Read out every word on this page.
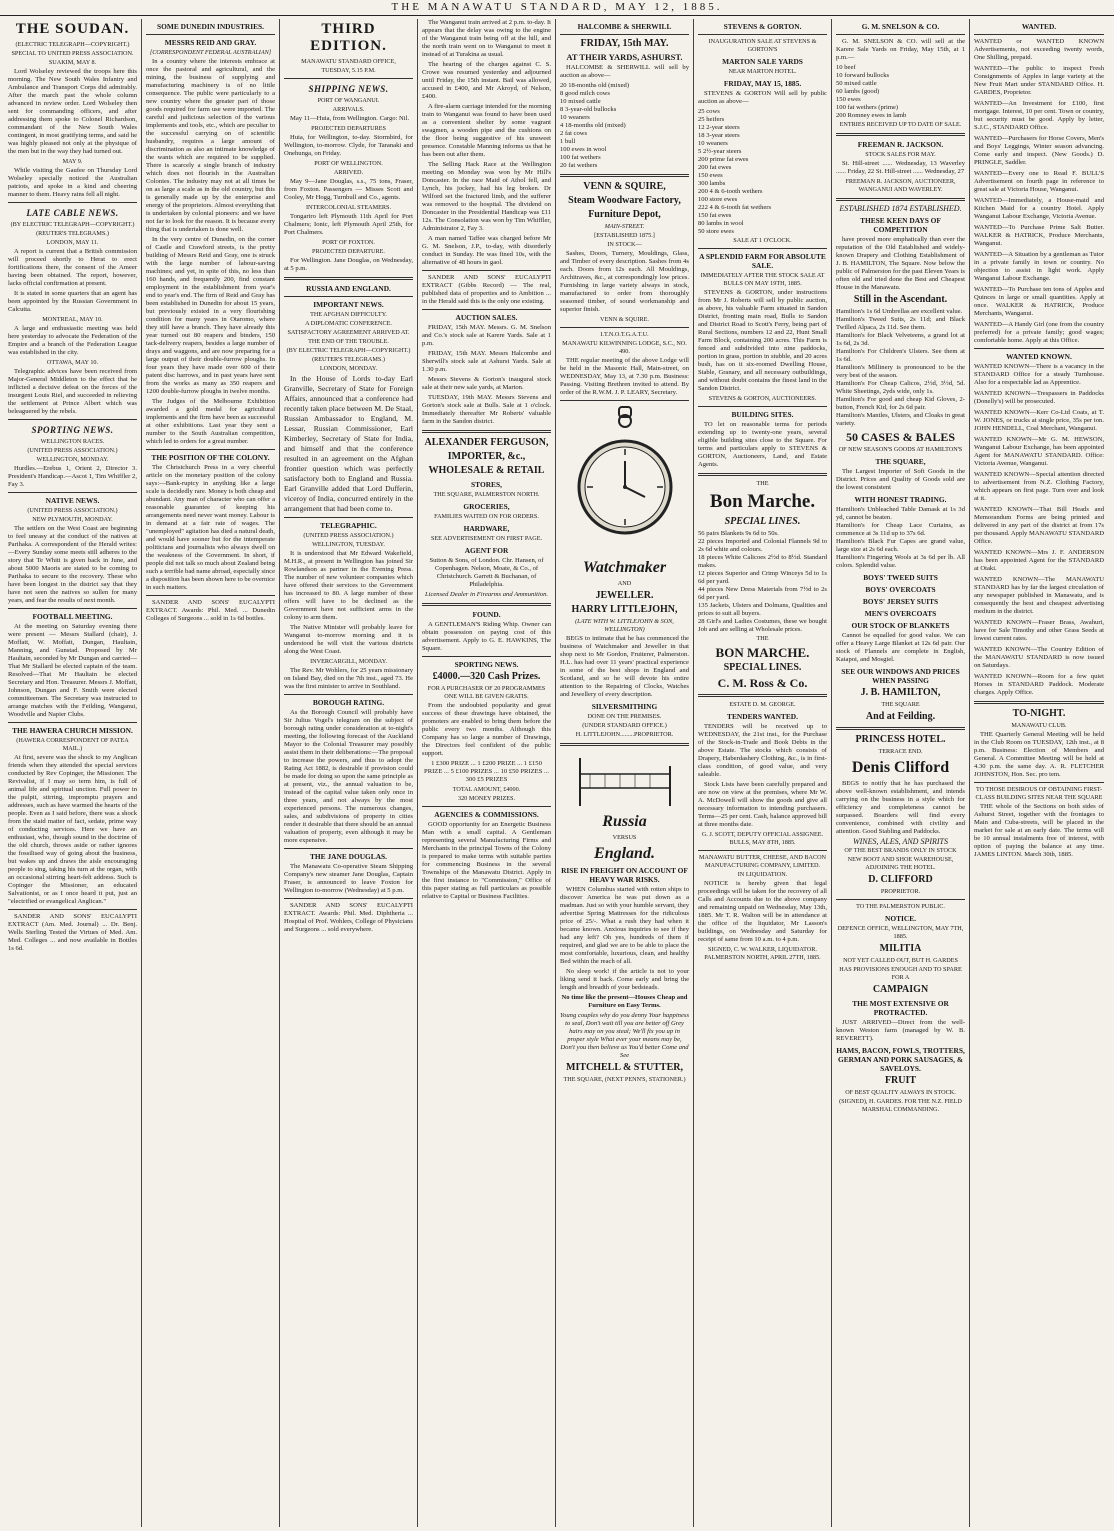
THE MANAWATU STANDARD, MAY 12, 1885.
THE SOUDAN.
(ELECTRIC TELEGRAPH—COPYRIGHT.)
SPECIAL TO UNITED PRESS ASSOCIATION.
SUAKIM, MAY 8.

Lord Wolseley reviewed the troops here this morning. The New South Wales Infantry and Ambulance and Transport Corps did admirably. After the march past the whole column advanced in review order. Lord Wolseley then sent for commanding officers, and after addressing them spoke to Colonel Richardson, commandant of the New South Wales contingent, in most gratifying terms, and said he was highly pleased not only at the physique of the men but in the way they had turned out.

MAY 9.

While visiting the Gaufee on Thursday Lord Wolseley specially noticed the Australian patriots, and spoke in a kind and cheering manner to them. Heavy rains fell all night.

LATE CABLE NEWS.
(BY ELECTRIC TELEGRAPH—COPYRIGHT.)
(REUTER'S TELEGRAMS.)
LONDON, MAY 11.

A report is current that a British commission will proceed shortly to Herat to erect fortifications there, the consent of the Ameer having been obtained. The report, however, lacks official confirmation at present.

It is stated in some quarters that an agent has been appointed by the Russian Government in Calcutta.

MONTREAL, MAY 10.

A large and enthusiastic meeting was held here yesterday to advocate the Federation of the Empire and a branch of the Federation League was established in the city.

OTTAWA, MAY 10.

Telegraphic advices have been received from Major-General Middleton to the effect that he inflicted a decisive defeat on the forces of the insurgent Louis Riel, and succeeded in relieving the settlement at Prince Albert which was beleaguered by the rebels.

SPORTING NEWS.
WELLINGTON RACES.
(UNITED PRESS ASSOCIATION.)
WELLINGTON, MONDAY.

Hurdles.—Erebus 1, Orient 2, Director 3. President's Handicap.—Ascot 1, Tim Whiffler 2, Fay 3.

NATIVE NEWS.
(UNITED PRESS ASSOCIATION.)
NEW PLYMOUTH, MONDAY.

The settlers on the West Coast are beginning to feel uneasy at the conduct of the natives at Parihaka. A correspondent of the Herald writes:—Every Sunday some meets still adheres to the story that Te Whiti is given back in June, and about 5000 Maoris are stated to be coming to Parihaka to secure to the recovery. These who have been longest in the district say that they have not seen the natives so sullen for many years, and fear the results of next month.

FOOTBALL MEETING.

At the meeting on Saturday evening there were present — Messrs Stallard (chair), J. Moffatt, W. Moffatt, Dungan, Haultain, Manning, and Gunstad. Proposed by Mr Haultain, seconded by Mr Dungan and carried—That Mr Stallard be elected captain of the team. Resolved—That Mr Haultain be elected Secretary and Hon. Treasurer. Messrs J. Moffatt, Johnson, Dungan and F. Smith were elected committeemen. The Secretary was instructed to arrange matches with the Feilding, Wanganui, Woodville and Napier Clubs.

THE HAWERA CHURCH MISSION.
(HAWERA CORRESPONDENT OF PATEA MAIL.)

At first, severe was the shock to my Anglican friends when they attended the special services conducted by Rev Copinger, the Missioner. The Revivalist, if I may so term him, is full of animal life and spiritual unction. Full power in the pulpit, stirring, impromptu prayers and addresses, such as have warmed the hearts of the people. Even as I said before, there was a shock from the staid matter of fact, sedate, prime way of conducting services. Here we have an enthusiast, who, though sound in the doctrine of the old church, throws aside or rather ignores the fossilised way of going about the business, but wakes up and draws the aisle encouraging people to sing, taking his turn at the organ, with an occasional stirring heart-felt address. Such is Copinger the Missioner, an educated Salvationist, or as I once heard it put, just an "electrified or evangelical Anglican."

SANDER AND SONS' EUCALYPTI EXTRACT (Am. Med. Journal) ... Dr. Benj. Wells Sterling Tested the Virtues of Med. Am. Med. Colleges ... and now available in Bottles 1s 6d.

SOME DUNEDIN INDUSTRIES.
MESSRS REID AND GRAY.
[CORRESPONDENT FEDERAL AUSTRALIAN]

In a country where the interests embrace at once the pastoral and agricultural, and the mining, the business of supplying and manufacturing machinery is of no little consequence. The public were particularly to a new country where the greater part of those goods required for farm use were imported. The careful and judicious selection of the various implements and tools, etc., which are peculiar to the successful carrying on of scientific husbandry, requires a large amount of discrimination as also an intimate knowledge of the wants which are required to be supplied. There is scarcely a single branch of industry which does not flourish in the Australian Colonies. The industry may not at all times be on as large a scale as in the old country, but this is generally made up by the enterprise and energy of the proprietors. Almost everything that is undertaken by colonial pioneers: and we have not far to look for the reason. It is because every thing that is undertaken is done well.

In the very centre of Dunedin, on the corner of Castle and Crawford streets, is the pretty building of Messrs Reid and Gray, one is struck with the large number of labour-saving machines; and yet, in spite of this, no less than 160 hands, and frequently 200, find constant employment in the establishment from year's end to year's end. The firm of Reid and Gray has been established in Dunedin for about 15 years, but previously existed in a very flourishing condition for many years in Otaromo, where they still have a branch. They have already this year turned out 80 reapers and binders, 150 tack-delivery reapers, besides a large number of drays and waggons, and are now preparing for a large output of their double-furrow ploughs. In four years they have made over 600 of their patent disc harrows, and in past years have sent from the works as many as 350 reapers and 1200 double-furrow ploughs in twelve months.

The Judges of the Melbourne Exhibition awarded a gold medal for agricultural implements and the firm have been as successful at other exhibitions. Last year they sent a number to the South Australian competition, which led to orders for a great number.

THE POSITION OF THE COLONY.

The Christchurch Press in a very cheerful article on the monetary position of the colony says:—Bank-ruptcy in anything like a large scale is decidedly rare. Money is both cheap and abundant. Any man of character who can offer a reasonable guarantee of keeping his arrangements need never want money. Labour is in demand at a fair rate of wages. The "unemployed" agitation has died a natural death, and would have sooner but for the intemperate politicians and journalists who always dwell on the weakness of the Government. In short, if people did not talk so much about Zealand being such a terrible bad name abroad, especially since a disposition has been shown here to be overnice in such matters.

SANDER AND SONS' EUCALYPTI EXTRACT. Awards: Phil. Med. ... Dunedin Colleges of Surgeons ... sold in 1s 6d bottles.

THIRD EDITION.
MANAWATU STANDARD OFFICE,
TUESDAY, 5.15 P.M.
SHIPPING NEWS.
PORT OF WANGANUI.
ARRIVALS.

May 11—Huia, from Wellington. Cargo: Nil.

PROJECTED DEPARTURES

Huia, for Wellington, to-day. Stormbird, for Wellington, to-morrow. Clyde, for Taranaki and Onehunga, on Friday.

PORT OF WELLINGTON.
ARRIVED.

May 9—Jane Douglas, s.s., 75 tons, Fraser, from Foxton. Passengers — Misses Scott and Cooley, Mr Hogg, Turnbull and Co., agents.

INTERCOLONIAL STEAMERS.

Tongariro left Plymouth 11th April for Port Chalmers; Ionic, left Plymouth April 25th, for Port Chalmers.

PORT OF FOXTON.
PROJECTED DEPARTURE.

For Wellington. Jane Douglas, on Wednesday, at 5 p.m.

RUSSIA AND ENGLAND.
IMPORTANT NEWS.
THE AFGHAN DIFFICULTY.
A DIPLOMATIC CONFERENCE.
SATISFACTORY AGREEMENT ARRIVED AT.
THE END OF THE TROUBLE.
(BY ELECTRIC TELEGRAPH—COPYRIGHT.)
(REUTER'S TELEGRAMS.)
LONDON, MONDAY.

In the House of Lords to-day Earl Granville, Secretary of State for Foreign Affairs, announced that a conference had recently taken place between M. De Staal, Russian Ambassador to England, M. Lessar, Russian Commissioner, Earl Kimberley, Secretary of State for India, and himself and that the conference resulted in an agreement on the Afghan frontier question which was perfectly satisfactory both to England and Russia. Earl Granville added that Lord Dufferin, viceroy of India, concurred entirely in the arrangement that had been come to.

TELEGRAPHIC.
(UNITED PRESS ASSOCIATION.)
WELLINGTON, TUESDAY.

It is understood that Mr Edward Wakefield, M.H.R., at present in Wellington has joined Sir Rowlandson as partner in the Evening Press. The number of new volunteer companies which have offered their services to the Government has increased to 80. A large number of these offers will have to be declined as the Government have not sufficient arms in the colony to arm them.

The Native Minister will probably leave for Wanganui to-morrow morning and it is understood he will visit the various districts along the West Coast.

INVERCARGILL, MONDAY.

The Rev. Mr Wohlers, for 25 years missionary on Island Bay, died on the 7th inst., aged 73. He was the first minister to arrive in Southland.

BOROUGH RATING.

As the Borough Council will probably have Sir Julius Vogel's telegram on the subject of borough rating under consideration at to-night's meeting, the following forecast of the Auckland Mayor to the Colonial Treasurer may possibly assist them in their deliberations:—The proposal to increase the powers, and thus to adopt the Rating Act 1882, is desirable if provision could be made for doing so upon the same principle as at present, viz., the annual valuation to be, instead of the capital value taken only once in three years, and not always by the most experienced persons. The numerous changes, sales, and subdivisions of property in cities render it desirable that there should be an annual valuation of property, even although it may be more expensive.

THE JANE DOUGLAS.

The Manawatu Co-operative Steam Shipping Company's new steamer Jane Douglas, Captain Fraser, is announced to leave Foxton for Wellington to-morrow (Wednesday) at 5 p.m.

SANDER AND SONS' EUCALYPTI EXTRACT. Awards: Phil. Med. Diphtheria ... Hospital of Prof. Wohlers, College of Physicians and Surgeons ... sold everywhere.

The Wanganui train arrived at 2 p.m. to-day. It appears that the delay was owing to the engine of the Wanganui train being off at the hill, and the north train went on to Wanganui to meet it instead of at Turakina as usual.

The hearing of the charges against C. S. Crowe was resumed yesterday and adjourned until Friday, the 15th instant. Bail was allowed, accused in £400, and Mr Akroyd, of Nelson, £400.

A fire-alarm carriage intended for the morning train to Wanganui was found to have been used as a convenient shelter by some vagrant swagmen, a wooden pipe and the cushions on the floor being suggestive of his unsweet presence. Constable Manning informs us that he has been out after them.

The Selling Hack Race at the Wellington meeting on Monday was won by Mr Hill's Doncaster. In the race Maid of Athol fell, and Lynch, his jockey, had his leg broken. Dr Wilford set the fractured limb, and the sufferer was removed to the hospital. The dividend on Doncaster in the Presidential Handicap was £11 12s. The Consolation was won by Tim Whiffler, Administrator 2, Fay 3.

A man named Taffee was charged before Mr G. M. Snelson, J.P., to-day, with disorderly conduct in Sunday. He was fined 10s, with the alternative of 48 hours in gaol.

SANDER AND SONS' EUCALYPTI EXTRACT (Gibbs Record) — The real, published data of properties and to Ambition ... in the Herald said this is the only one existing.

AUCTION SALES.

FRIDAY, 15th MAY. Messrs. G. M. Snelson and Co.'s stock sale at Karere Yards. Sale at 1 p.m.

FRIDAY, 15th MAY. Messrs Halcombe and Sherwill's stock sale at Ashurst Yards. Sale at 1.30 p.m.

Messrs Stevens & Gorton's inaugural stock sale at their new sale yards, at Marton.

TUESDAY, 19th MAY. Messrs Stevens and Gorton's stock sale at Bulls. Sale at 1 o'clock. Immediately thereafter Mr Roberts' valuable farm in the Sandon district.

ALEXANDER FERGUSON,
IMPORTER, &c.,
WHOLESALE & RETAIL
STORES,
THE SQUARE, PALMERSTON NORTH.
GROCERIES,
FAMILIES WAITED ON FOR ORDERS.
HARDWARE,
SEE ADVERTISEMENT ON FIRST PAGE.
AGENT FOR

Sutton & Sons, of London. Chr. Hansen, of Copenhagen. Nelson, Moate, & Co., of Christchurch. Garrett & Buchanan, of Philadelphia.

Licensed Dealer in Firearms and Ammunition.

FOUND.

A GENTLEMAN'S Riding Whip. Owner can obtain possession on paying cost of this advertisement. Apply to G. E. HAWKINS, The Square.

SPORTING NEWS.
£4000.—320 Cash Prizes.
FOR A PURCHASER OF 20 PROGRAMMES ONE WILL BE GIVEN GRATIS.

From the undoubted popularity and great success of these drawings have obtained, the promoters are enabled to bring them before the public every two months. Although this Company has so large a number of Drawings, the Directors feel confident of the public support.

1 £300 PRIZE ... 1 £200 PRIZE ... 1 £150 PRIZE ... 5 £100 PRIZES ... 10 £50 PRIZES ... 300 £5 PRIZES

TOTAL AMOUNT, £4000.
320 MONEY PRIZES.
AGENCIES & COMMISSIONS.

GOOD opportunity for an Energetic Business Man with a small capital. A Gentleman representing several Manufacturing Firms and Merchants in the principal Towns of the Colony is prepared to make terms with suitable parties for commencing Business in the several Townships of the Manawatu District. Apply in the first instance to "Commission," Office of this paper stating as full particulars as possible relative to Capital or Business Facilities.

HALCOMBE & SHERWILL
FRIDAY, 15th MAY.
AT THEIR YARDS, ASHURST.

HALCOMBE & SHERWILL will sell by auction as above—

20 18-months old (mixed)
8 good milch cows
10 mixed cattle
8 3-year-old bullocks
10 weaners
4 18-months old (mixed)
2 fat cows
1 bull
100 ewes in wool
100 fat wethers
20 fat wethers
VENN & SQUIRE,
Steam Woodware Factory,
Furniture Depot,
MAIN-STREET.
[ESTABLISHED 1875.]
IN STOCK—

Sashes, Doors, Turnery, Mouldings, Glass, and Timber of every description. Sashes from 4s each. Doors from 12s each. All Mouldings, Architraves, &c., at correspondingly low prices. Furnishing in large variety always in stock, manufactured to order from thoroughly seasoned timber, of sound workmanship and superior finish.

VENN & SQUIRE.
I.T.N.O.T.G.A.T.U.
MANAWATU KILWINNING LODGE, S.C., NO. 490.

THE regular meeting of the above Lodge will be held in the Masonic Hall, Main-street, on WEDNESDAY, May 13, at 7.30 p.m. Business: Passing. Visiting Brethren invited to attend. By order of the R.W.M. J. P. LEARY, Secretary.

Watchmaker
AND
JEWELLER.
HARRY LITTLEJOHN,
(LATE WITH W. LITTLEJOHN & SON, WELLINGTON)

BEGS to intimate that he has commenced the business of Watchmaker and Jeweller in that shop next to Mr Gordon, Fruiterer, Palmerston. H.L. has had over 11 years' practical experience in some of the best shops in England and Scotland, and so he will devote his entire attention to the Repairing of Clocks, Watches and Jewellery of every description.

SILVERSMITHING
DONE ON THE PREMISES.
(UNDER STANDARD OFFICE.)
H. LITTLEJOHN.........PROPRIETOR.
Russia
VERSUS
England.
RISE IN FREIGHT ON ACCOUNT OF HEAVY WAR RISKS.

WHEN Columbus started with rotten ships to discover America he was put down as a madman. Just so with your humble servant, they advertise Spring Mattresses for the ridiculous price of 25/-. What a rush they had when it became known. Anxious inquiries to see if they had any left? Oh yes, hundreds of them if required, and glad we are to be able to place the most comfortable, luxurious, clean, and healthy Bed within the reach of all.

No sleep work! if the article is not to your liking send it back. Come early and bring the length and breadth of your bedsteads.

No time like the present—Houses Cheap and Furniture on Easy Terms.

Young couples why do you denny Your happiness to seal, Don't wait till you are better off Grey hairs may on you steal; We'll fix you up in proper style What ever your means may be, Don't you then believe us You'd better Come and See

MITCHELL & STUTTER,
THE SQUARE, (NEXT PENN'S, STATIONER.)
STEVENS & GORTON.
INAUGURATION SALE AT STEVENS & GORTON'S
MARTON SALE YARDS
NEAR MARTON HOTEL.
FRIDAY, MAY 15, 1885.

STEVENS & GORTON Will sell by public auction as above—

25 cows
25 heifers
12 2-year steers
18 3-year steers
10 weaners
5 2½-year steers
200 prime fat ewes
200 fat ewes
150 ewes
300 lambs
200 4 & 6-tooth wethers
100 store ewes
222 4 & 6-tooth fat wethers
150 fat ewes
80 lambs in wool
50 store ewes
SALE AT 1 O'CLOCK.
A SPLENDID FARM FOR ABSOLUTE SALE.
IMMEDIATELY AFTER THE STOCK SALE AT BULLS ON MAY 19TH, 1885.

STEVENS & GORTON, under instructions from Mr J. Roberts will sell by public auction, as above, his valuable Farm situated in Sandon District, fronting main road, Bulls to Sandon and District Road to Scott's Ferry, being part of Rural Sections, numbers 12 and 22, Hunt Small Farm Block, containing 200 acres. This Farm is fenced and subdivided into nine paddocks, portion in grass, portion in stubble, and 20 acres bush, has on it six-roomed Dwelling House, Stable, Granary, and all necessary outbuildings, and without doubt contains the finest land in the Sandon District.

STEVENS & GORTON, AUCTIONEERS.
BUILDING SITES.

TO let on reasonable terms for periods extending up to twenty-one years, several eligible building sites close to the Square. For terms and particulars apply to STEVENS & GORTON, Auctioneers, Land, and Estate Agents.

THE
Bon Marche.
SPECIAL LINES.
56 pairs Blankets 9s 6d to 50s.
22 pieces Imported and Colonial Flannels 9d to 2s 6d white and colours.
18 pieces White Calicoes 2½d to 8½d. Standard makes.
12 pieces Superior and Crimp Winceys 5d to 1s 6d per yard.
44 pieces New Dress Materials from 7½d to 2s 6d per yard.
135 Jackets, Ulsters and Dolmans, Qualities and prices to suit all buyers.
28 Girl's and Ladies Costumes, these we bought Job and are selling at Wholesale prices.
THE
BON MARCHE.
SPECIAL LINES.
C. M. Ross & Co.
ESTATE D. M. GEORGE.
TENDERS WANTED.

TENDERS will be received up to WEDNESDAY, the 21st inst., for the Purchase of the Stock-in-Trade and Book Debts in the above Estate. The stocks which consists of Drapery, Haberdashery Clothing, &c., is in first-class condition, of good value, and very saleable.

Stock Lists have been carefully prepared and are now on view at the premises, where Mr W. A. McDowell will show the goods and give all necessary information to intending purchasers. Terms—25 per cent. Cash, balance approved bill at three months date.

G. J. SCOTT, DEPUTY OFFICIAL ASSIGNEE. BULLS, MAY 8TH, 1885.
MANAWATU BUTTER, CHEESE, AND BACON MANUFACTURING COMPANY, LIMITED.
IN LIQUIDATION.

NOTICE is hereby given that legal proceedings will be taken for the recovery of all Calls and Accounts due to the above company and remaining unpaid on Wednesday, May 13th, 1885. Mr T. R. Walton will be in attendance at the office of the liquidator, Mr Lasson's buildings, on Wednesday and Saturday for receipt of same from 10 a.m. to 4 p.m.

SIGNED, C. W. WALKER, LIQUIDATOR. PALMERSTON NORTH, APRIL 27TH, 1885.
G. M. SNELSON & CO.

G. M. SNELSON & CO. will sell at the Karere Sale Yards on Friday, May 15th, at 1 p.m.—

10 beef
10 forward bullocks
50 mixed cattle
60 lambs (good)
150 ewes
100 fat wethers (prime)
200 Romney ewes in lamb
ENTRIES RECEIVED UP TO DATE OF SALE.
FREEMAN R. JACKSON.
STOCK SALES FOR MAY.

St. Hill-street ...... Wednesday, 13 Waverley ...... Friday, 22 St. Hill-street ...... Wednesday, 27

FREEMAN R. JACKSON, AUCTIONEER, WANGANUI AND WAVERLEY.
ESTABLISHED 1874 ESTABLISHED.
THESE KEEN DAYS OF COMPETITION

have proved more emphatically than ever the reputation of the Old Established and widely-known Drapery and Clothing Establishment of J. B. HAMILTON, The Square. Now below the public of Palmerston for the past Eleven Years is often old and tried done the Best and Cheapest House in the Manawatu.

Still in the Ascendant.
Hamilton's 1s 6d Umbrellas are excellent value.
Hamilton's Tweed Suits, 2s 11d; and Black Twilled Alpaca, 2s 11d. See them.
Hamilton's for Black Velveteens, a grand lot at 1s 6d, 2s 3d.
Hamilton's For Children's Ulsters. See them at 1s 6d.
Hamilton's Millinery is pronounced to be the very best of the season.
Hamilton's For Cheap Calicos, 2½d, 3½d, 5d. White Sheetings, 2yds wide, only 1s.
Hamilton's For good and cheap Kid Gloves, 2-button, French Kid, for 2s 6d pair.
Hamilton's Mantles, Ulsters, and Cloaks in great variety.
50 CASES & BALES
OF NEW SEASON'S GOODS AT HAMILTON'S
THE SQUARE,

The Largest Importer of Soft Goods in the District. Prices and Quality of Goods sold are the lowest consistent

WITH HONEST TRADING.
Hamilton's Unbleached Table Damask at 1s 3d yd, cannot be beaten.
Hamilton's for Cheap Lace Curtains, as commence at 3s 11d up to 37s 6d.
Hamilton's Black Fur Capes are grand value, large size at 2s 6d each.
Hamilton's Fingering Wools at 3s 6d per lb. All colors. Splendid value.
BOYS' TWEED SUITS
BOYS' OVERCOATS
BOYS' JERSEY SUITS
MEN'S OVERCOATS
OUR STOCK OF BLANKETS

Cannot be equalled for good value. We can offer a Heavy Large Blanket at 12s 6d pair. Our stock of Flannels are complete in English, Kaiapoi, and Mosgiel.

SEE OUR WINDOWS AND PRICES WHEN PASSING
J. B. HAMILTON,
THE SQUARE
And at Feilding.
PRINCESS HOTEL.
TERRACE END.
Denis Clifford

BEGS to notify that he has purchased the above well-known establishment, and intends carrying on the business in a style which for efficiency and completeness cannot be surpassed. Boarders will find every convenience, combined with civility and attention. Good Stabling and Paddocks.

WINES, ALES, AND SPIRITS
OF THE BEST BRANDS ONLY IN STOCK
NEW BOOT AND SHOE WAREHOUSE, ADJOINING THE HOTEL.
D. CLIFFORD
PROPRIETOR.
TO THE PALMERSTON PUBLIC.
NOTICE.
DEFENCE OFFICE, WELLINGTON, MAY 7TH, 1885.
MILITIA
NOT YET CALLED OUT, BUT H. GARDES
HAS PROVISIONS ENOUGH AND TO SPARE FOR A
CAMPAIGN
THE MOST EXTENSIVE OR PROTRACTED.

JUST ARRIVED—Direct from the well-known Weston farm (managed by W. B. REVERETT).

HAMS, BACON, FOWLS, TROTTERS, GERMAN AND PORK SAUSAGES, & SAVELOYS.
FRUIT
OF BEST QUALITY ALWAYS IN STOCK.
(SIGNED), H. GARDES. FOR THE N.Z. FIELD MARSHAL COMMANDING.
WANTED.
WANTED or WANTED KNOWN Advertisements, not exceeding twenty words, One Shilling, prepaid.
WANTED—The public to inspect Fresh Consignments of Apples in large variety at the New Fruit Mart under STANDARD Office. H. GARDES, Proprietor.
WANTED—An Investment for £100, first mortgage. Interest, 10 per cent. Town or country, but security must be good. Apply by letter, S.J.C., STANDARD Office.
WANTED—Purchasers for Horse Covers, Men's and Boys' Leggings, Winter season advancing. Come early and inspect. (New Goods.) D. PRINGLE, Saddler.
WANTED—Every one to Read F. BULL'S Advertisement on fourth page in reference to great sale at Victoria House, Wanganui.
WANTED—Immediately, a House-maid and Kitchen Maid for a country Hotel. Apply Wanganui Labour Exchange, Victoria Avenue.
WANTED—To Purchase Prime Salt Butter. WALKER & HATRICK, Produce Merchants, Wanganui.
WANTED—A Situation by a gentleman as Tutor in a private family in town or country. No objection to assist in light work. Apply Wanganui Labour Exchange.
WANTED—To Purchase ten tons of Apples and Quinces in large or small quantities. Apply at once. WALKER & HATRICK, Produce Merchants, Wanganui.
WANTED—A Handy Girl (one from the country preferred) for a private family; good wages; comfortable home. Apply at this Office.
WANTED KNOWN.
WANTED KNOWN—There is a vacancy in the STANDARD Office for a steady Turnhouse. Also for a respectable lad as Apprentice.
WANTED KNOWN—Trespassers in Paddocks (Donelly's) will be prosecuted.
WANTED KNOWN—Kerr Co-Ltd Coats, at T. W. JONES, or trucks at single price, 35s per ton. JOHN HENDELL, Coal Merchant, Wanganui.
WANTED KNOWN—Mr G. M. HEWSON, Wanganui Labour Exchange, has been appointed Agent for MANAWATU STANDARD. Office: Victoria Avenue, Wanganui.
WANTED KNOWN—Special attention directed to advertisement from N.Z. Clothing Factory, which appears on first page. Turn over and look at it.
WANTED KNOWN—That Bill Heads and Memorandum Forms are being printed and delivered in any part of the district at from 17s per thousand. Apply MANAWATU STANDARD Office.
WANTED KNOWN—Mrs J. F. ANDERSON has been appointed Agent for the STANDARD at Otaki.
WANTED KNOWN—The MANAWATU STANDARD has by far the largest circulation of any newspaper published in Manawatu, and is consequently the best and cheapest advertising medium in the district.
WANTED KNOWN—Fraser Brass, Awahuri, have for Sale Timothy and other Grass Seeds at lowest current rates.
WANTED KNOWN—The Country Edition of the MANAWATU STANDARD is now issued on Saturdays.
WANTED KNOWN—Room for a few quiet Horses in STANDARD Paddock. Moderate charges. Apply Office.
TO-NIGHT.
MANAWATU CLUB.

THE Quarterly General Meeting will be held in the Club Room on TUESDAY, 12th inst., at 8 p.m. Business: Election of Members and General. A Committee Meeting will be held at 4.30 p.m. the same day. A. R. FLETCHER JOHNSTON, Hon. Sec. pro tem.

TO THOSE DESIROUS OF OBTAINING FIRST-CLASS BUILDING SITES NEAR THE SQUARE

THE whole of the Sections on both sides of Ashurst Street, together with the frontages to Main and Cuba-streets, will be placed in the market for sale at an early date. The terms will be 10 annual instalments free of interest, with option of paying the balance at any time. JAMES LINTON. March 30th, 1885.
